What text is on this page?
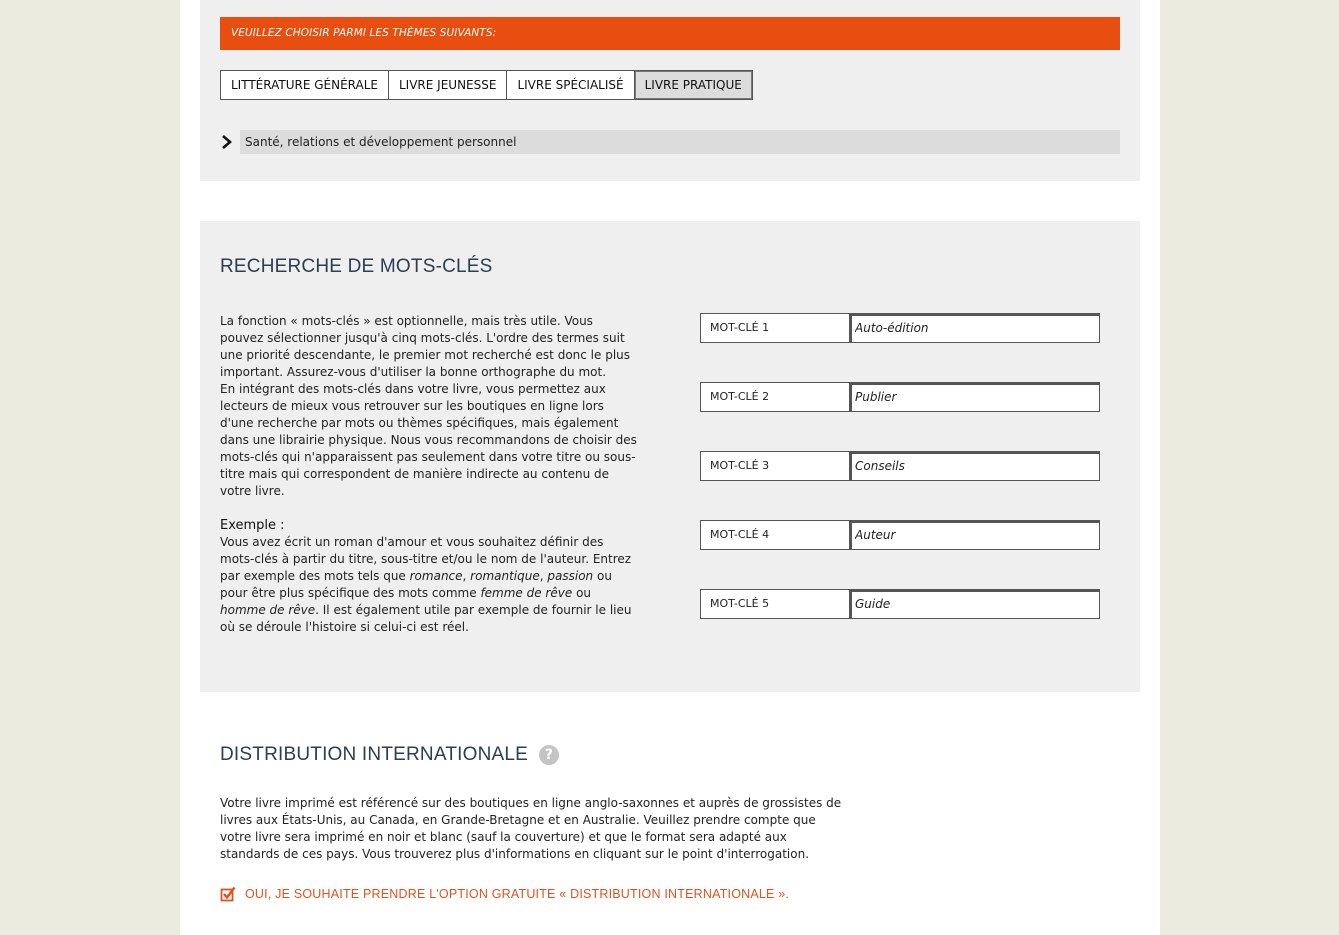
VEUILLEZ CHOISIR PARMI LES THÈMES SUIVANTS:
LITTÉRATURE GÉNÉRALE	LIVRE JEUNESSE	LIVRE SPÉCIALISÉ	LIVRE PRATIQUE
Santé, relations et développement personnel
RECHERCHE DE MOTS-CLÉS

La fonction « mots-clés » est optionnelle, mais très utile. Vous pouvez sélectionner jusqu'à cinq mots-clés. L'ordre des termes suit une priorité descendante, le premier mot recherché est donc le plus important. Assurez-vous d'utiliser la bonne orthographe du mot.

En intégrant des mots-clés dans votre livre, vous permettez aux lecteurs de mieux vous retrouver sur les boutiques en ligne lors d'une recherche par mots ou thèmes spécifiques, mais également dans une librairie physique. Nous vous recommandons de choisir des mots-clés qui n'apparaissent pas seulement dans votre titre ou sous-titre mais qui correspondent de manière indirecte au contenu de votre livre.

Exemple :

Vous avez écrit un roman d'amour et vous souhaitez définir des mots-clés à partir du titre, sous-titre et/ou le nom de l'auteur. Entrez par exemple des mots tels que romance, romantique, passion ou pour être plus spécifique des mots comme femme de rêve ou homme de rêve. Il est également utile par exemple de fournir le lieu où se déroule l'histoire si celui-ci est réel.

MOT-CLÉ 1
Auto-édition
MOT-CLÉ 2
Publier
MOT-CLÉ 3
Conseils
MOT-CLÉ 4
Auteur
MOT-CLÉ 5
Guide
DISTRIBUTION INTERNATIONALE	?

Votre livre imprimé est référencé sur des boutiques en ligne anglo-saxonnes et auprès de grossistes de livres aux États-Unis, au Canada, en Grande-Bretagne et en Australie. Veuillez prendre compte que votre livre sera imprimé en noir et blanc (sauf la couverture) et que le format sera adapté aux standards de ces pays. Vous trouverez plus d'informations en cliquant sur le point d'interrogation.

OUI, JE SOUHAITE PRENDRE L'OPTION GRATUITE « DISTRIBUTION INTERNATIONALE ».
